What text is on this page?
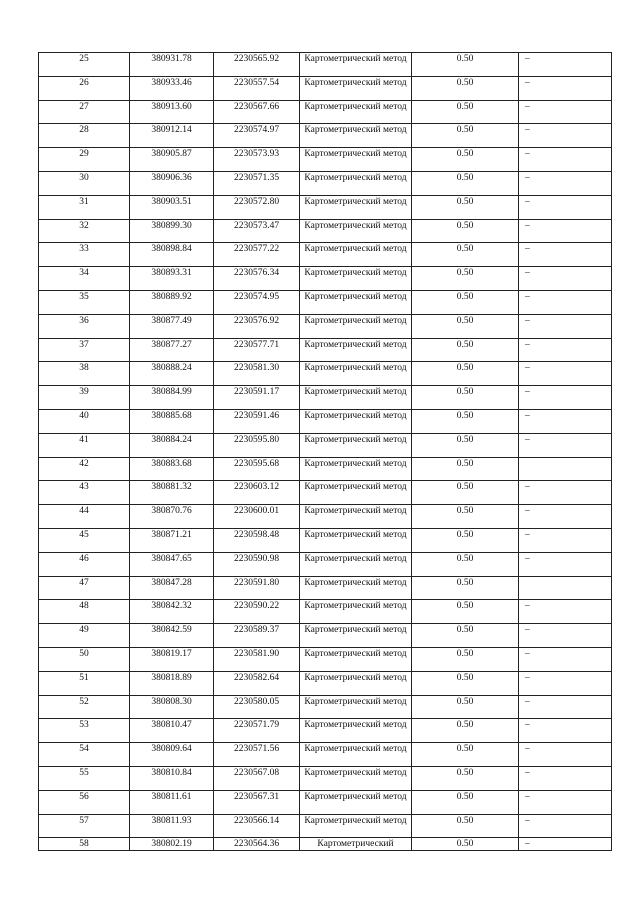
25	380931.78	2230565.92	Картометрический метод	0.50	–
26	380933.46	2230557.54	Картометрический метод	0.50	–
27	380913.60	2230567.66	Картометрический метод	0.50	–
28	380912.14	2230574.97	Картометрический метод	0.50	–
29	380905.87	2230573.93	Картометрический метод	0.50	–
30	380906.36	2230571.35	Картометрический метод	0.50	–
31	380903.51	2230572.80	Картометрический метод	0.50	–
32	380899.30	2230573.47	Картометрический метод	0.50	–
33	380898.84	2230577.22	Картометрический метод	0.50	–
34	380893.31	2230576.34	Картометрический метод	0.50	–
35	380889.92	2230574.95	Картометрический метод	0.50	–
36	380877.49	2230576.92	Картометрический метод	0.50	–
37	380877.27	2230577.71	Картометрический метод	0.50	–
38	380888.24	2230581.30	Картометрический метод	0.50	–
39	380884.99	2230591.17	Картометрический метод	0.50	–
40	380885.68	2230591.46	Картометрический метод	0.50	–
41	380884.24	2230595.80	Картометрический метод	0.50	–
42	380883.68	2230595.68	Картометрический метод	0.50	
43	380881.32	2230603.12	Картометрический метод	0.50	–
44	380870.76	2230600.01	Картометрический метод	0.50	–
45	380871.21	2230598.48	Картометрический метод	0.50	–
46	380847.65	2230590.98	Картометрический метод	0.50	–
47	380847.28	2230591.80	Картометрический метод	0.50	
48	380842.32	2230590.22	Картометрический метод	0.50	–
49	380842.59	2230589.37	Картометрический метод	0.50	–
50	380819.17	2230581.90	Картометрический метод	0.50	–
51	380818.89	2230582.64	Картометрический метод	0.50	–
52	380808.30	2230580.05	Картометрический метод	0.50	–
53	380810.47	2230571.79	Картометрический метод	0.50	–
54	380809.64	2230571.56	Картометрический метод	0.50	–
55	380810.84	2230567.08	Картометрический метод	0.50	–
56	380811.61	2230567.31	Картометрический метод	0.50	–
57	380811.93	2230566.14	Картометрический метод	0.50	–
58	380802.19	2230564.36	Картометрический	0.50	–
